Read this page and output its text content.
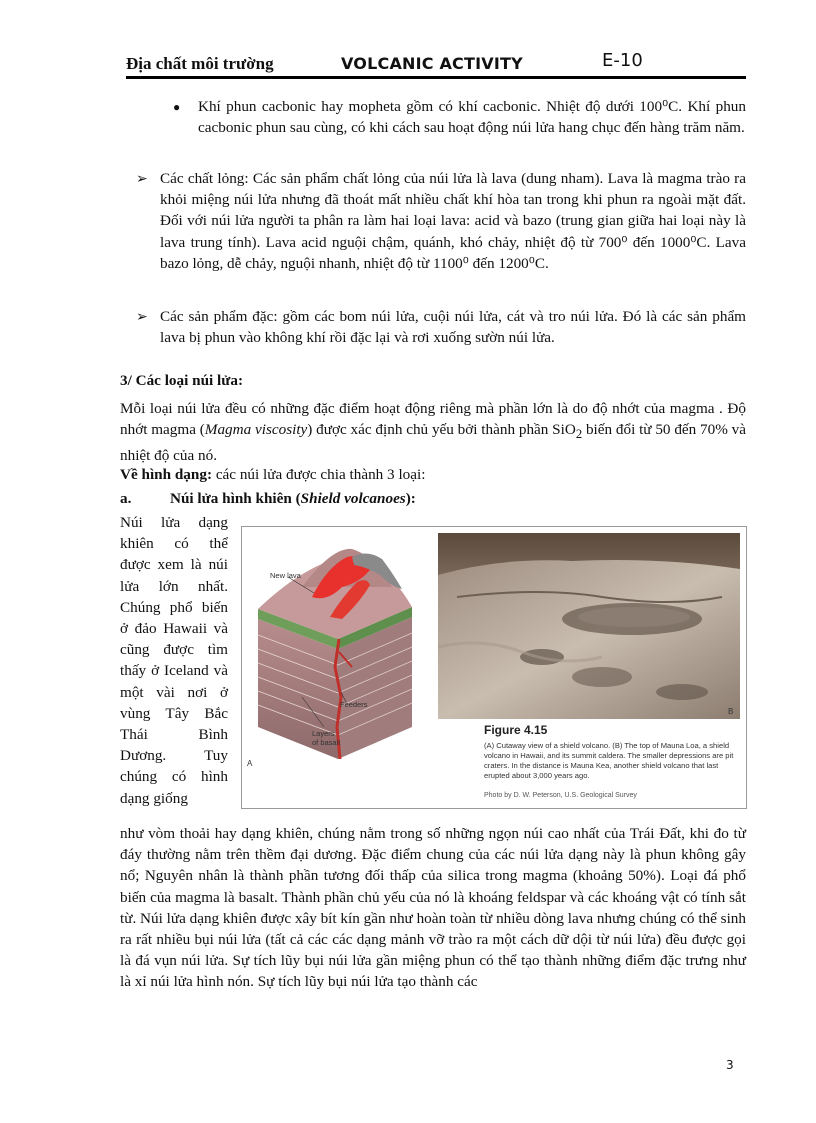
Địa chất môi trường	VOLCANIC ACTIVITY	E-10
●	Khí phun cacbonic hay mopheta gồm có khí cacbonic. Nhiệt độ dưới 100⁰C. Khí phun cacbonic phun sau cùng, có khi cách sau hoạt động núi lửa hang chục đến hàng trăm năm.
➢ Các chất lỏng: Các sản phẩm chất lỏng của núi lửa là lava (dung nham). Lava là magma trào ra khỏi miệng núi lửa nhưng đã thoát mất nhiều chất khí hòa tan trong khi phun ra ngoài mặt đất. Đối với núi lửa người ta phân ra làm hai loại lava: acid và bazo (trung gian giữa hai loại này là lava trung tính). Lava acid nguội chậm, quánh, khó chảy, nhiệt độ từ 700⁰ đến 1000⁰C. Lava bazo lỏng, dễ chảy, nguội nhanh, nhiệt độ từ 1100⁰ đến 1200⁰C.
➢ Các sản phẩm đặc: gồm các bom núi lửa, cuội núi lửa, cát và tro núi lửa. Đó là các sản phẩm lava bị phun vào không khí rồi đặc lại và rơi xuống sườn núi lửa.
3/ Các loại núi lửa:
Mỗi loại núi lửa đều có những đặc điểm hoạt động riêng mà phần lớn là do độ nhớt của magma . Độ nhớt magma (Magma viscosity) được xác định chủ yếu bởi thành phần SiO$_2$ biến đổi từ 50 đến 70% và nhiệt độ của nó.
Về hình dạng: các núi lửa được chia thành 3 loại:
a.	Núi lửa hình khiên (Shield volcanoes):
Núi lửa dạng khiên có thể được xem là núi lửa lớn nhất. Chúng phổ biến ở đảo Hawaii và cũng được tìm thấy ở Iceland và một vài nơi ở vùng Tây Bắc Thái Bình Dương. Tuy chúng có hình dạng giống
New lava
Feeders
Layers
of basalt
A
B
Figure 4.15
(A) Cutaway view of a shield volcano. (B) The top of Mauna Loa, a shield volcano in Hawaii, and its summit caldera. The smaller depressions are pit craters. In the distance is Mauna Kea, another shield volcano that last erupted about 3,000 years ago.
Photo by D. W. Peterson, U.S. Geological Survey
như vòm thoải hay dạng khiên, chúng nằm trong số những ngọn núi cao nhất của Trái Đất, khi đo từ đáy thường nằm trên thềm đại dương. Đặc điểm chung của các núi lửa dạng này là phun không gây nổ; Nguyên nhân là thành phần tương đối thấp của silica trong magma (khoảng 50%). Loại đá phổ biến của magma là basalt. Thành phần chủ yếu của nó là khoáng feldspar và các khoáng vật có tính sắt từ. Núi lửa dạng khiên được xây bít kín gần như hoàn toàn từ nhiều dòng lava nhưng chúng có thể sinh ra rất nhiều bụi núi lửa (tất cả các các dạng mảnh vỡ trào ra một cách dữ dội từ núi lửa) đều được gọi là đá vụn núi lửa. Sự tích lũy bụi núi lửa gần miệng phun có thể tạo thành những điểm đặc trưng như là xỉ núi lửa hình nón. Sự tích lũy bụi núi lửa tạo thành các
3
